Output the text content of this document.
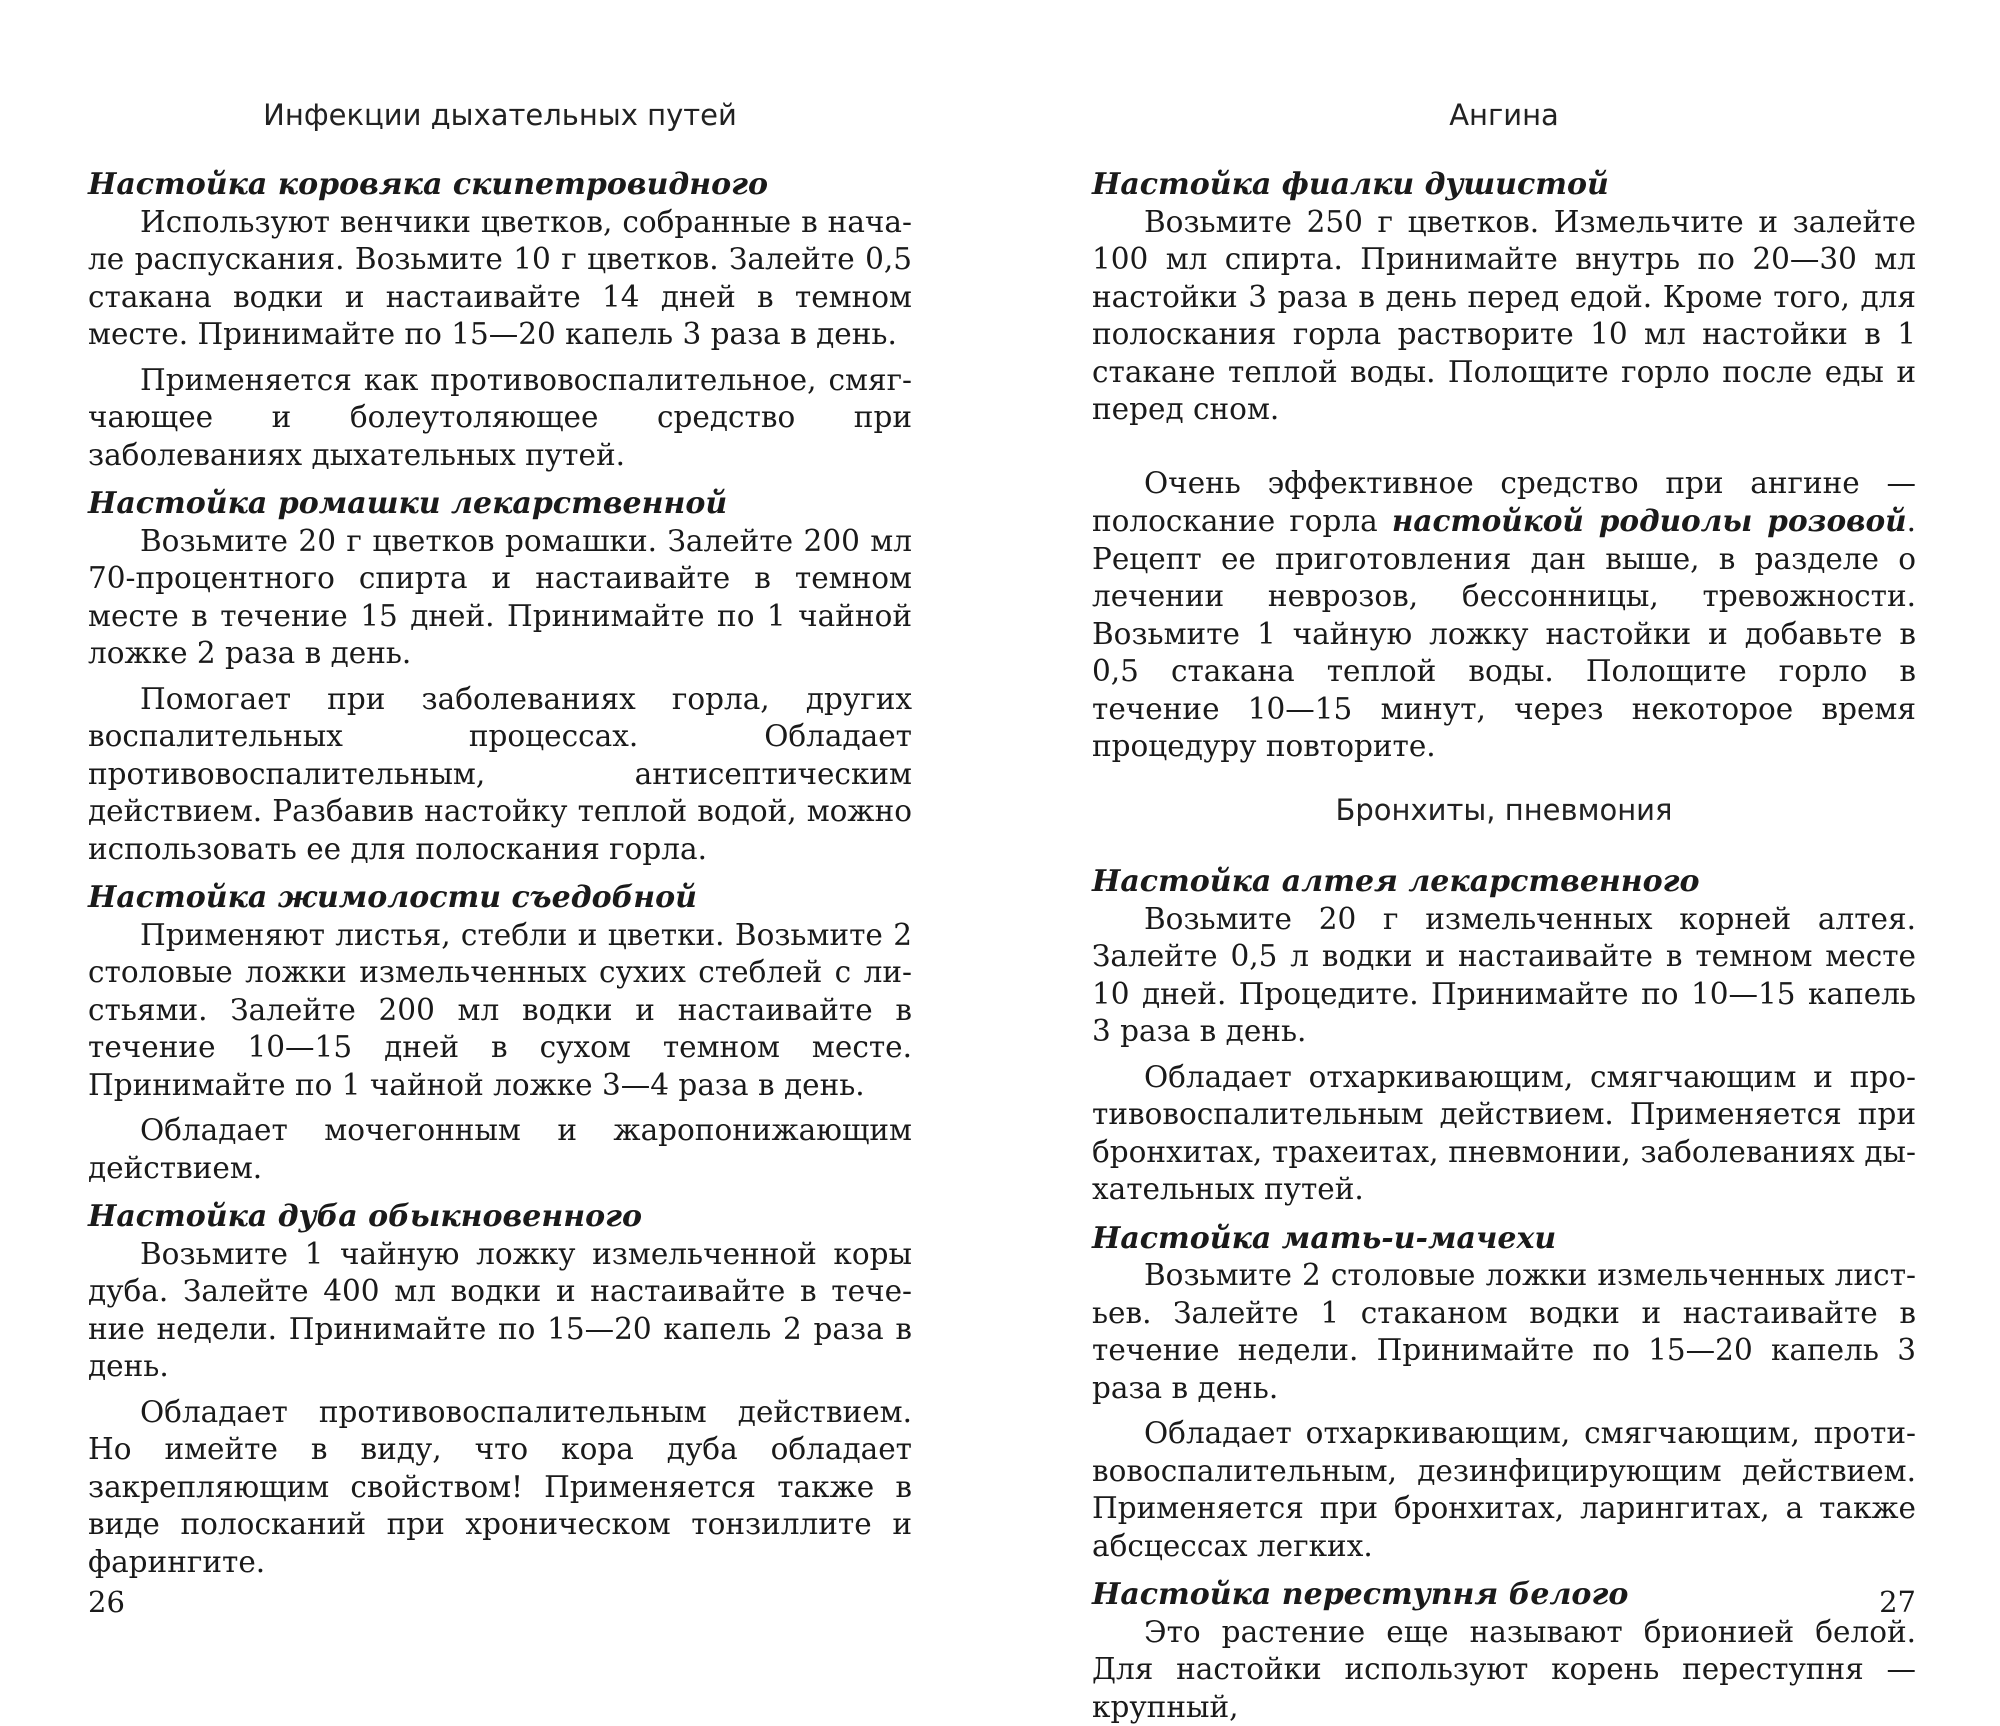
Инфекции дыхательных путей

Настойка коровяка скипетровидного

Используют венчики цветков, собранные в начале распускания. Возьмите 10 г цветков. Залейте 0,5 стакана водки и настаивайте 14 дней в темном месте. Принимайте по 15—20 капель 3 раза в день.

Применяется как противовоспалительное, смягчающее и болеутоляющее средство при заболеваниях дыхательных путей.

Настойка ромашки лекарственной

Возьмите 20 г цветков ромашки. Залейте 200 мл 70-процентного спирта и настаивайте в темном месте в течение 15 дней. Принимайте по 1 чайной ложке 2 раза в день.

Помогает при заболеваниях горла, других воспалительных процессах. Обладает противовоспалительным, антисептическим действием. Разбавив настойку теплой водой, можно использовать ее для полоскания горла.

Настойка жимолости съедобной

Применяют листья, стебли и цветки. Возьмите 2 столовые ложки измельченных сухих стеблей с листьями. Залейте 200 мл водки и настаивайте в течение 10—15 дней в сухом темном месте. Принимайте по 1 чайной ложке 3—4 раза в день.

Обладает мочегонным и жаропонижающим действием.

Настойка дуба обыкновенного

Возьмите 1 чайную ложку измельченной коры дуба. Залейте 400 мл водки и настаивайте в течение недели. Принимайте по 15—20 капель 2 раза в день.

Обладает противовоспалительным действием. Но имейте в виду, что кора дуба обладает закрепляющим свойством! Применяется также в виде полосканий при хроническом тонзиллите и фарингите.

26
Ангина

Настойка фиалки душистой

Возьмите 250 г цветков. Измельчите и залейте 100 мл спирта. Принимайте внутрь по 20—30 мл настойки 3 раза в день перед едой. Кроме того, для полоскания горла растворите 10 мл настойки в 1 стакане теплой воды. Полощите горло после еды и перед сном.

Очень эффективное средство при ангине — полоскание горла настойкой родиолы розовой. Рецепт ее приготовления дан выше, в разделе о лечении неврозов, бессонницы, тревожности. Возьмите 1 чайную ложку настойки и добавьте в 0,5 стакана теплой воды. Полощите горло в течение 10—15 минут, через некоторое время процедуру повторите.

Бронхиты, пневмония

Настойка алтея лекарственного

Возьмите 20 г измельченных корней алтея. Залейте 0,5 л водки и настаивайте в темном месте 10 дней. Процедите. Принимайте по 10—15 капель 3 раза в день.

Обладает отхаркивающим, смягчающим и противовоспалительным действием. Применяется при бронхитах, трахеитах, пневмонии, заболеваниях дыхательных путей.

Настойка мать-и-мачехи

Возьмите 2 столовые ложки измельченных листьев. Залейте 1 стаканом водки и настаивайте в течение недели. Принимайте по 15—20 капель 3 раза в день.

Обладает отхаркивающим, смягчающим, противовоспалительным, дезинфицирующим действием. Применяется при бронхитах, ларингитах, а также абсцессах легких.

Настойка переступня белого

Это растение еще называют брионией белой. Для настойки используют корень переступня — крупный,

27
